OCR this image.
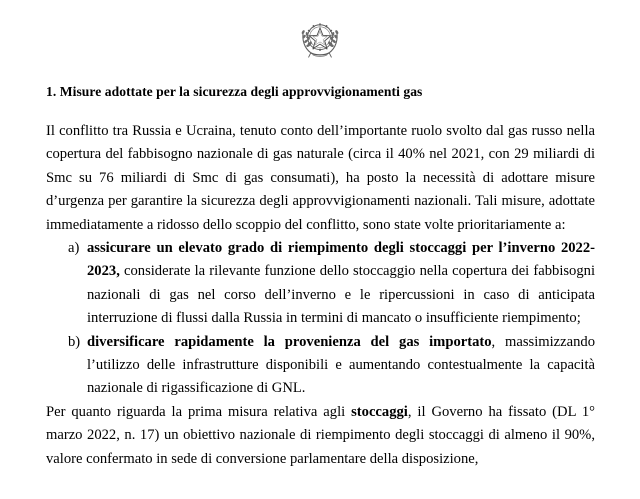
1. Misure adottate per la sicurezza degli approvvigionamenti gas

Il conflitto tra Russia e Ucraina, tenuto conto dell’importante ruolo svolto dal gas russo nella copertura del fabbisogno nazionale di gas naturale (circa il 40% nel 2021, con 29 miliardi di Smc su 76 miliardi di Smc di gas consumati), ha posto la necessità di adottare misure d’urgenza per garantire la sicurezza degli approvvigionamenti nazionali. Tali misure, adottate immediatamente a ridosso dello scoppio del conflitto, sono state volte prioritariamente a:

a) assicurare un elevato grado di riempimento degli stoccaggi per l’inverno 2022- 2023, considerate la rilevante funzione dello stoccaggio nella copertura dei fabbisogni nazionali di gas nel corso dell’inverno e le ripercussioni in caso di anticipata interruzione di flussi dalla Russia in termini di mancato o insufficiente riempimento;
b) diversificare rapidamente la provenienza del gas importato, massimizzando l’utilizzo delle infrastrutture disponibili e aumentando contestualmente la capacità nazionale di rigassificazione di GNL.

Per quanto riguarda la prima misura relativa agli stoccaggi, il Governo ha fissato (DL 1° marzo 2022, n. 17) un obiettivo nazionale di riempimento degli stoccaggi di almeno il 90%, valore confermato in sede di conversione parlamentare della disposizione,
